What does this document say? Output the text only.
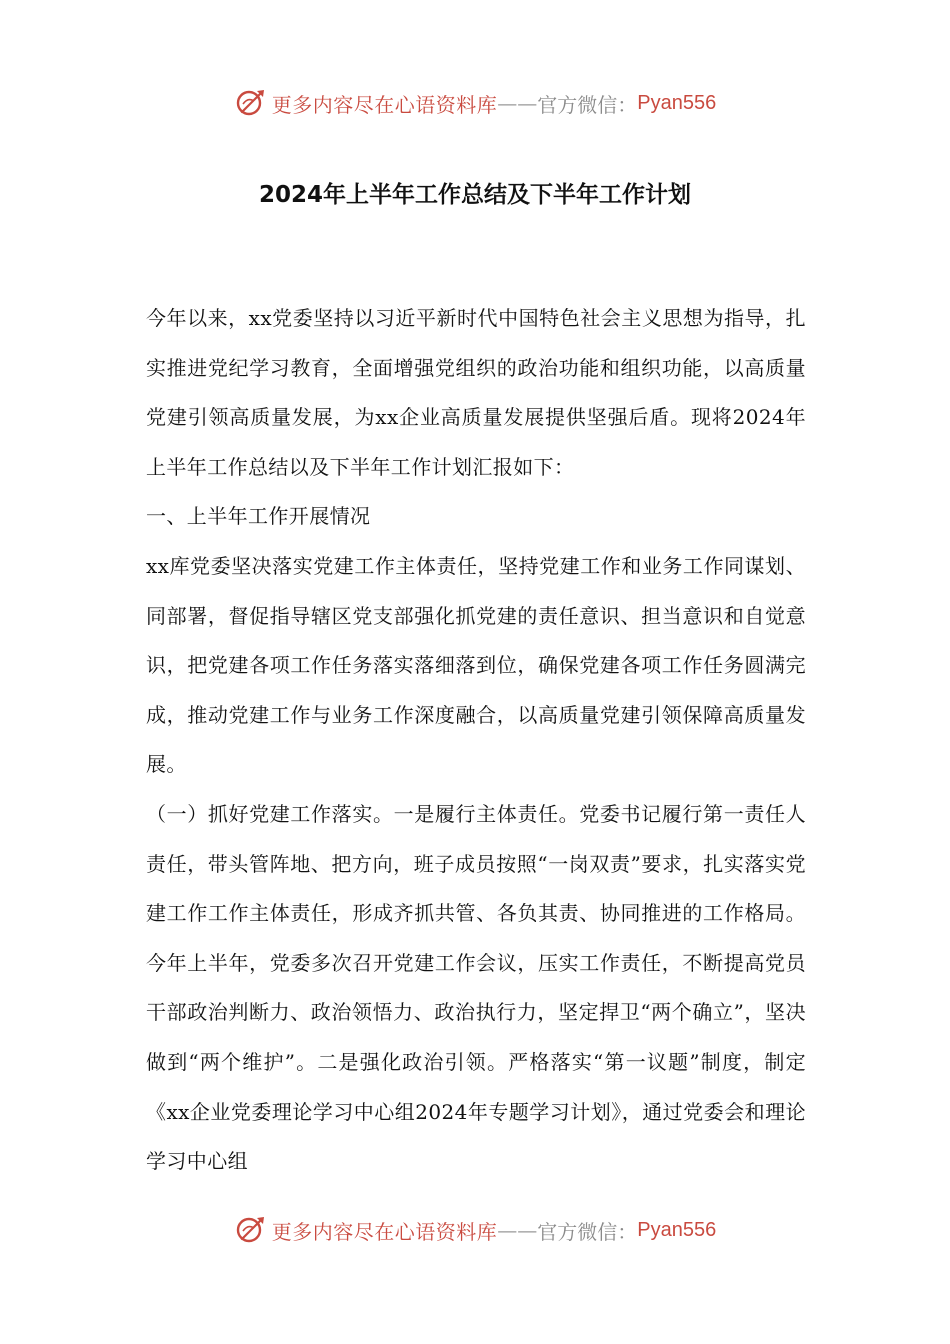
更多内容尽在心语资料库 —— 官方微信： Pyan556
2024年上半年工作总结及下半年工作计划

今年以来，xx党委坚持以习近平新时代中国特色社会主义思想为指导，扎实推进党纪学习教育，全面增强党组织的政治功能和组织功能，以高质量党建引领高质量发展，为xx企业高质量发展提供坚强后盾。现将2024年上半年工作总结以及下半年工作计划汇报如下：

一、上半年工作开展情况

xx库党委坚决落实党建工作主体责任，坚持党建工作和业务工作同谋划、同部署，督促指导辖区党支部强化抓党建的责任意识、担当意识和自觉意识，把党建各项工作任务落实落细落到位，确保党建各项工作任务圆满完成，推动党建工作与业务工作深度融合，以高质量党建引领保障高质量发展。

（一）抓好党建工作落实。一是履行主体责任。党委书记履行第一责任人责任，带头管阵地、把方向，班子成员按照“一岗双责”要求，扎实落实党建工作工作主体责任，形成齐抓共管、各负其责、协同推进的工作格局。今年上半年，党委多次召开党建工作会议，压实工作责任，不断提高党员干部政治判断力、政治领悟力、政治执行力，坚定捍卫“两个确立”，坚决做到“两个维护”。二是强化政治引领。严格落实“第一议题”制度，制定《xx企业党委理论学习中心组2024年专题学习计划》，通过党委会和理论学习中心组

更多内容尽在心语资料库 —— 官方微信： Pyan556
